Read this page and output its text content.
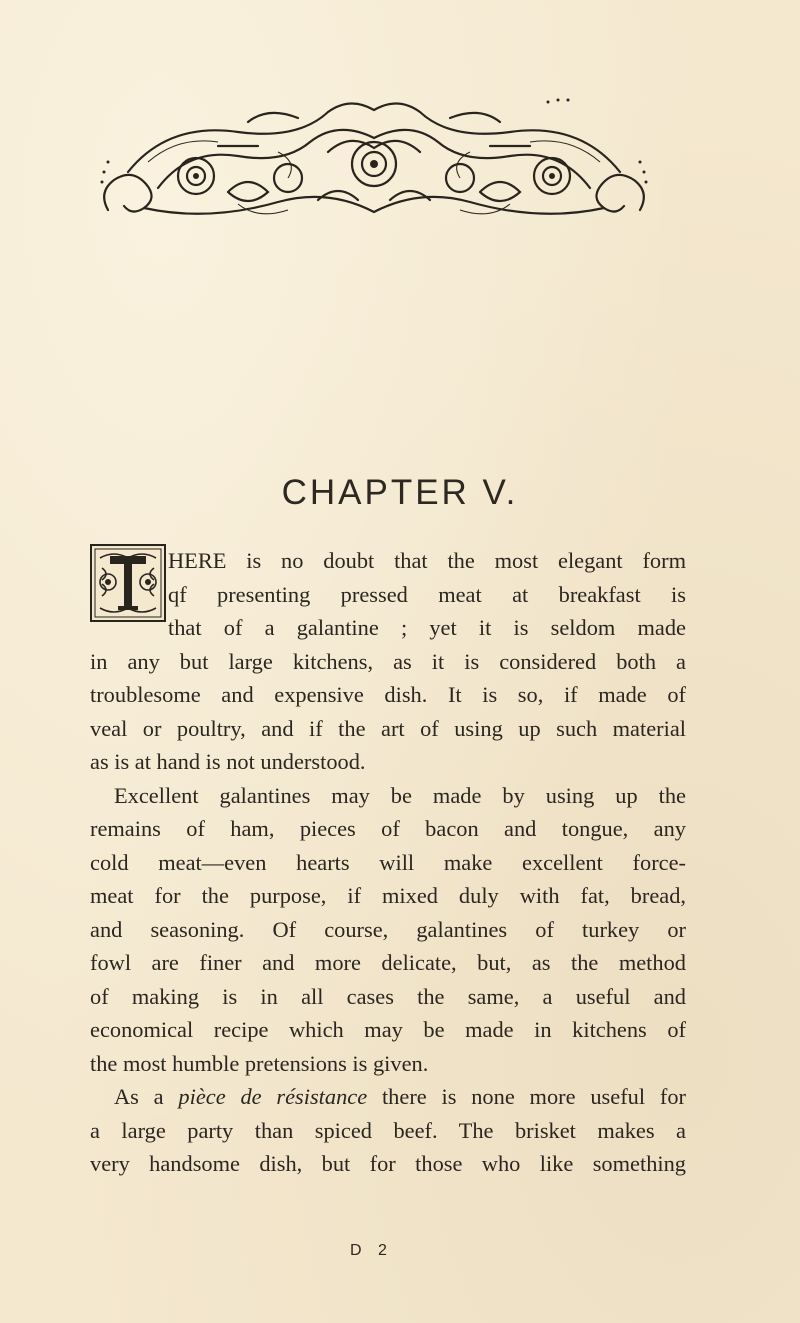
CHAPTER V.
HERE is no doubt that the most elegant form
qf presenting pressed meat at breakfast is
that of a galantine ; yet it is seldom made
in any but large kitchens, as it is considered both a
troublesome and expensive dish. It is so, if made of
veal or poultry, and if the art of using up such material
as is at hand is not understood.
Excellent galantines may be made by using up the
remains of ham, pieces of bacon and tongue, any
cold meat—even hearts will make excellent force-
meat for the purpose, if mixed duly with fat, bread,
and seasoning. Of course, galantines of turkey or
fowl are finer and more delicate, but, as the method
of making is in all cases the same, a useful and
economical recipe which may be made in kitchens of
the most humble pretensions is given.
As a pièce de résistance there is none more useful for
a large party than spiced beef. The brisket makes a
very handsome dish, but for those who like something
D 2
